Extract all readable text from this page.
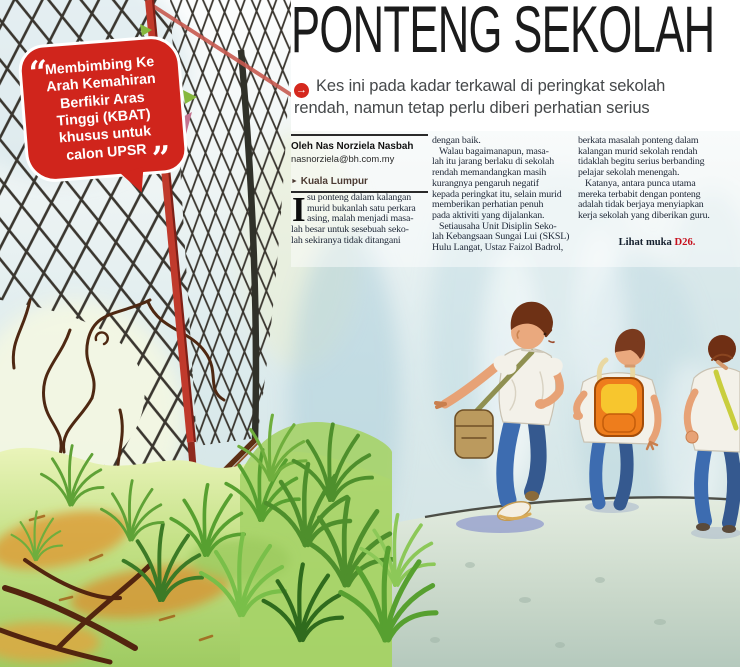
“
Membimbing Ke
Arah Kemahiran
Berfikir Aras
Tinggi (KBAT)
khusus untuk
calon UPSR ”
PONTENG SEKOLAH

→ Kes ini pada kadar terkawal di peringkat sekolah rendah, namun tetap perlu diberi perhatian serius

Oleh Nas Norziela Nasbah
nasnorziela@bh.com.my
► Kuala Lumpur
I su ponteng dalam kalangan
murid bukanlah satu perkara
asing, malah menjadi masa-
lah besar untuk sesebuah seko-
lah sekiranya tidak ditangani
dengan baik.
Walau bagaimanapun, masa-
lah itu jarang berlaku di sekolah
rendah memandangkan masih
kurangnya pengaruh negatif
kepada peringkat itu, selain murid
memberikan perhatian penuh
pada aktiviti yang dijalankan.
Setiausaha Unit Disiplin Seko-
lah Kebangsaan Sungai Lui (SKSL)
Hulu Langat, Ustaz Faizol Badrol,
berkata masalah ponteng dalam
kalangan murid sekolah rendah
tidaklah begitu serius berbanding
pelajar sekolah menengah.
Katanya, antara punca utama
mereka terbabit dengan ponteng
adalah tidak berjaya menyiapkan
kerja sekolah yang diberikan guru.
Lihat muka D26.
